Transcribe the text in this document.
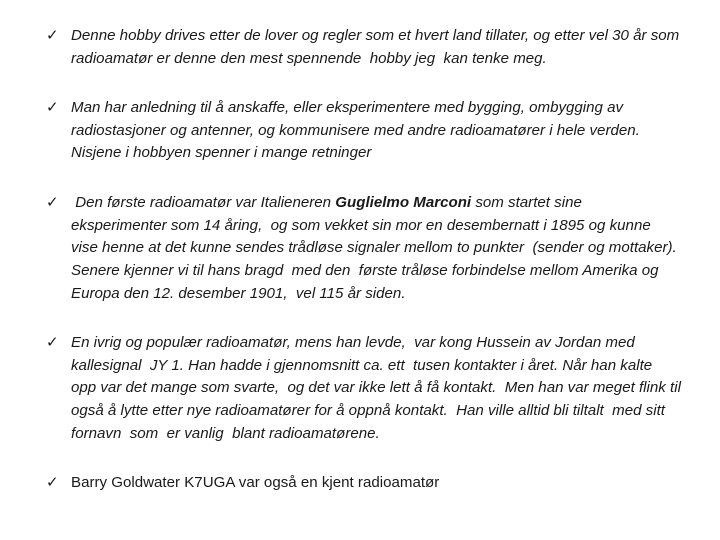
✓ Denne hobby drives etter de lover og regler som et hvert land tillater, og etter vel 30 år som radioamatør er denne den mest spennende  hobby jeg  kan tenke meg.
✓ Man har anledning til å anskaffe, eller eksperimentere med bygging, ombygging av radiostasjoner og antenner, og kommunisere med andre radioamatører i hele verden.  Nisjene i hobbyen spenner i mange retninger
✓ Den første radioamatør var Italieneren Guglielmo Marconi som startet sine eksperimenter som 14 åring,  og som vekket sin mor en desembernatt i 1895 og kunne vise henne at det kunne sendes trådløse signaler mellom to punkter  (sender og mottaker).  Senere kjenner vi til hans bragd  med den  første tråløse forbindelse mellom Amerika og Europa den 12. desember 1901,  vel 115 år siden.
✓ En ivrig og populær radioamatør, mens han levde,  var kong Hussein av Jordan med kallesignal  JY 1. Han hadde i gjennomsnitt ca. ett  tusen kontakter i året. Når han kalte opp var det mange som svarte,  og det var ikke lett å få kontakt.  Men han var meget flink til også å lytte etter nye radioamatører for å oppnå kontakt.  Han ville alltid bli tiltalt  med sitt fornavn  som  er vanlig  blant radioamatørene.
✓ Barry Goldwater K7UGA var også en kjent radioamatør
